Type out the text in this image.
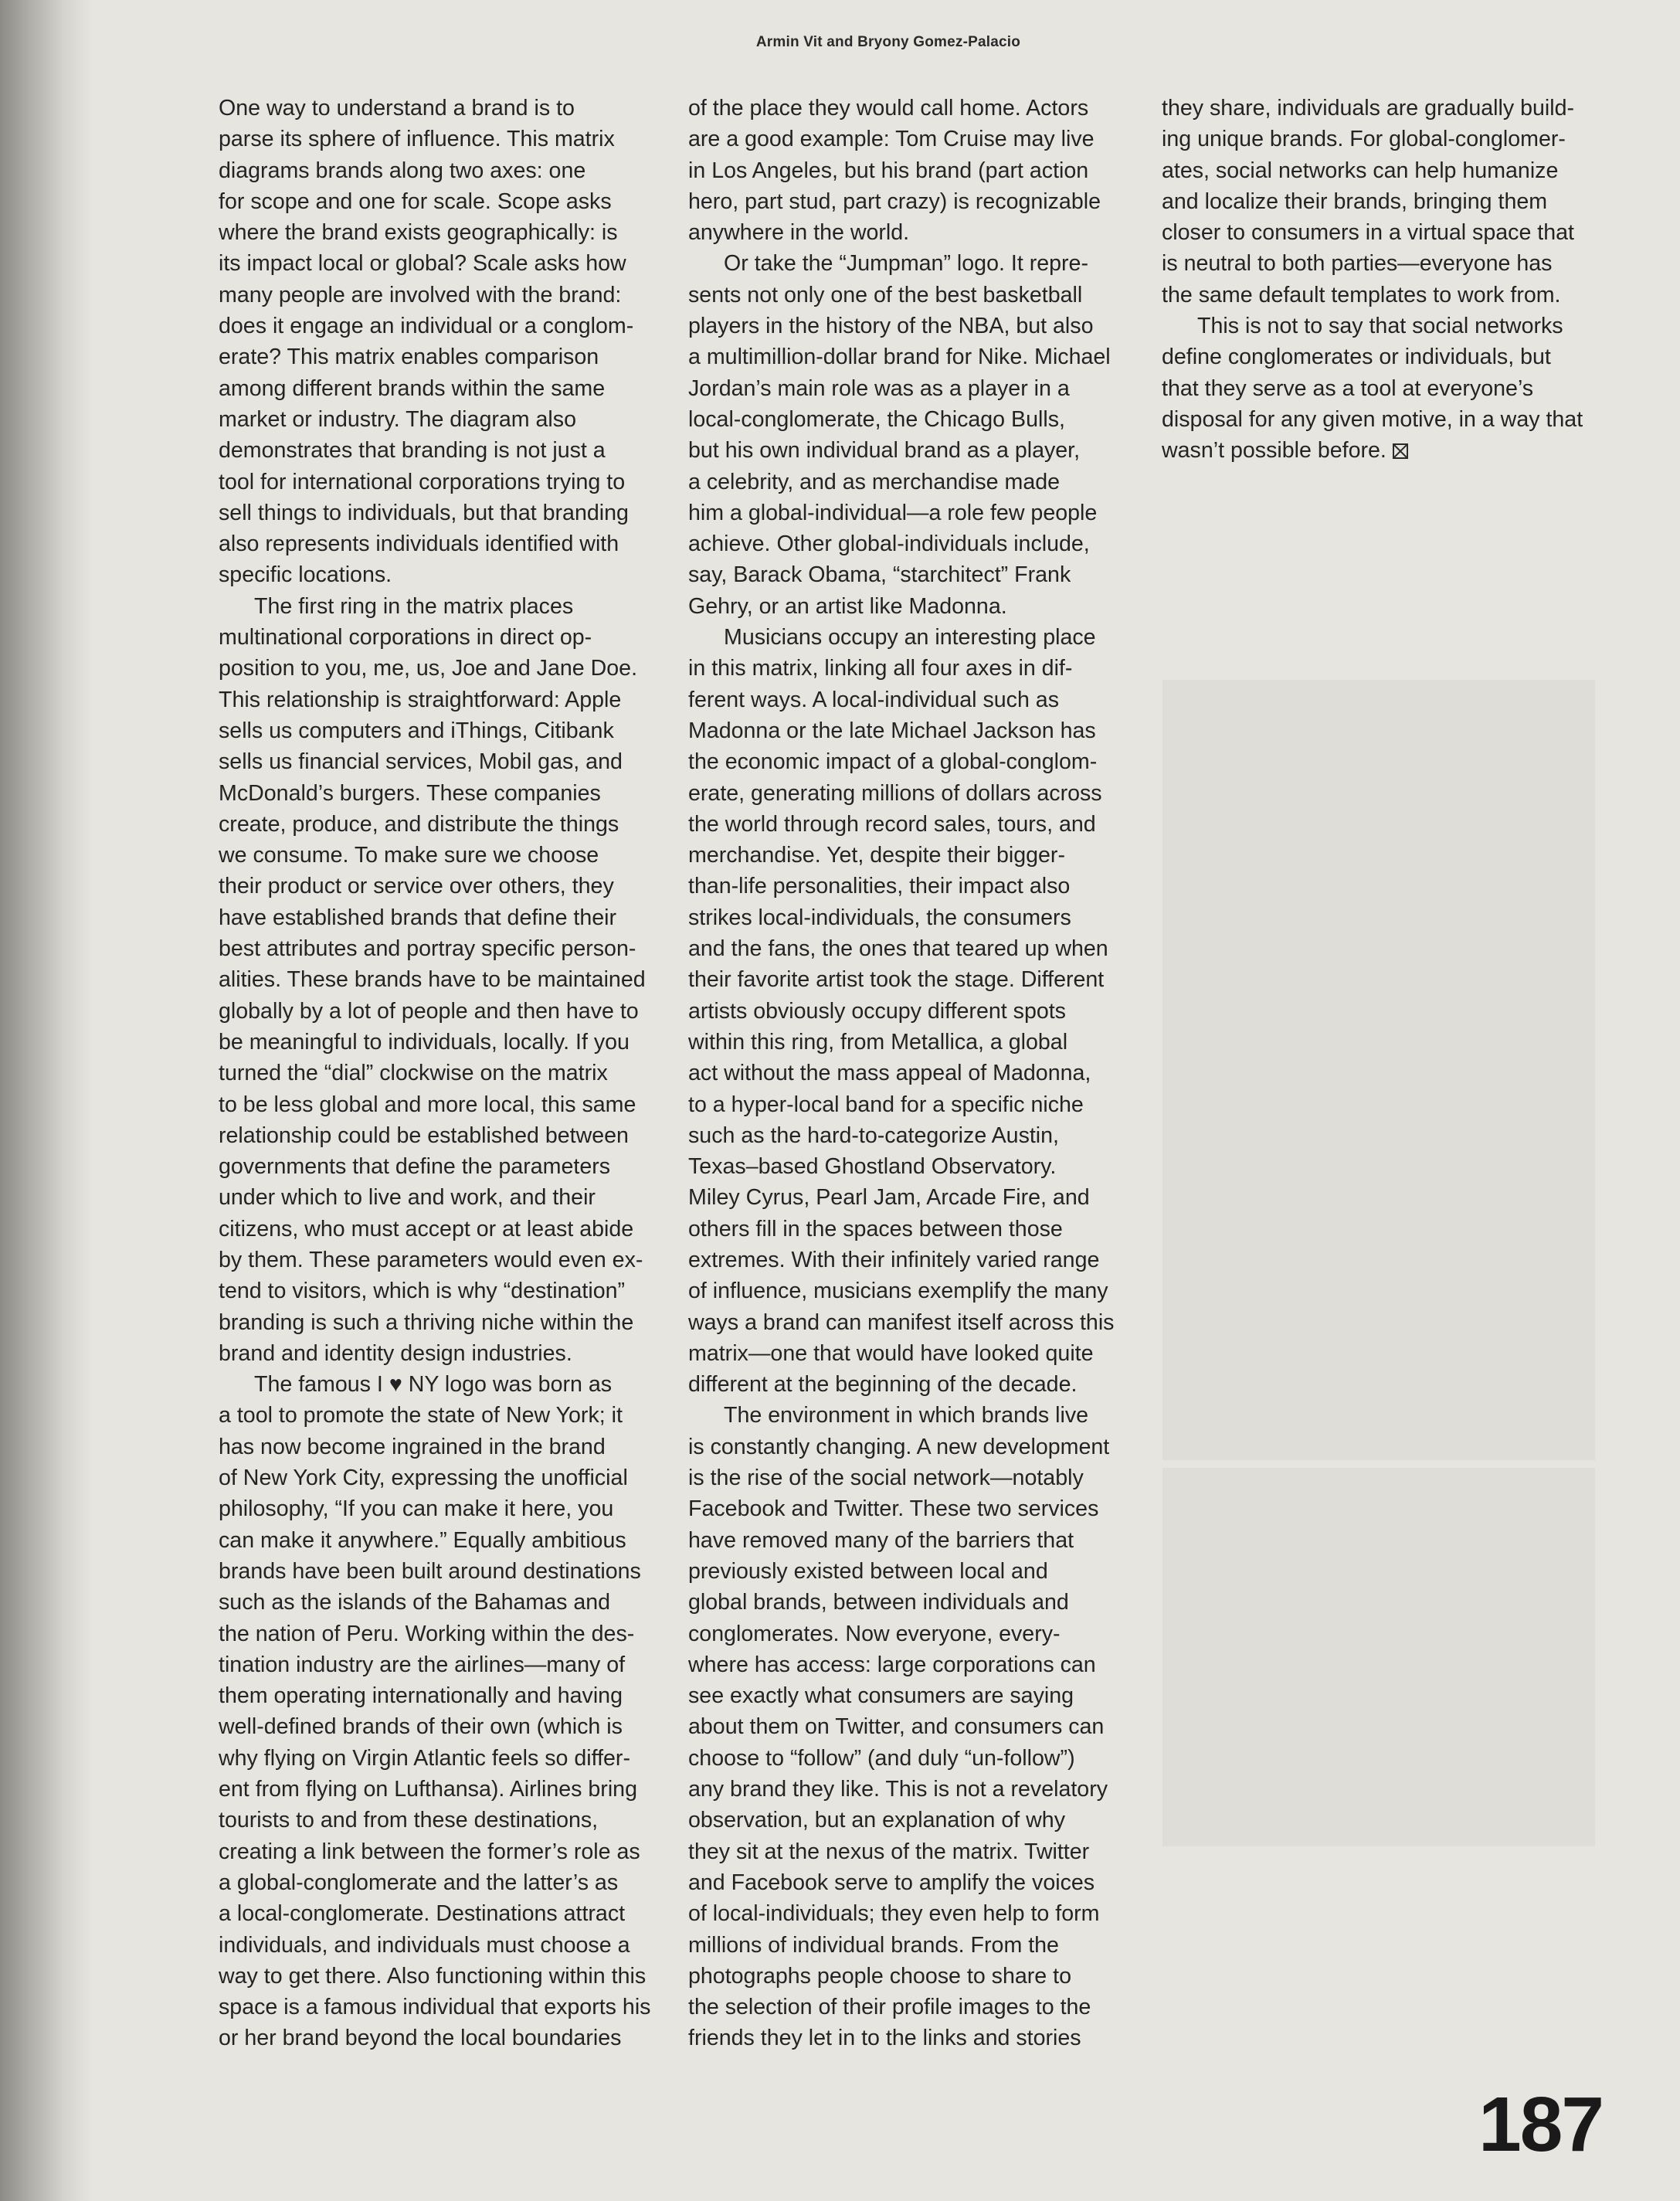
Armin Vit and Bryony Gomez-Palacio

One way to understand a brand is to
parse its sphere of influence. This matrix
diagrams brands along two axes: one
for scope and one for scale. Scope asks
where the brand exists geographically: is
its impact local or global? Scale asks how
many people are involved with the brand:
does it engage an individual or a conglom-
erate? This matrix enables comparison
among different brands within the same
market or industry. The diagram also
demonstrates that branding is not just a
tool for international corporations trying to
sell things to individuals, but that branding
also represents individuals identified with
specific locations.

The first ring in the matrix places
multinational corporations in direct op-
position to you, me, us, Joe and Jane Doe.
This relationship is straightforward: Apple
sells us computers and iThings, Citibank
sells us financial services, Mobil gas, and
McDonald’s burgers. These companies
create, produce, and distribute the things
we consume. To make sure we choose
their product or service over others, they
have established brands that define their
best attributes and portray specific person-
alities. These brands have to be maintained
globally by a lot of people and then have to
be meaningful to individuals, locally. If you
turned the “dial” clockwise on the matrix
to be less global and more local, this same
relationship could be established between
governments that define the parameters
under which to live and work, and their
citizens, who must accept or at least abide
by them. These parameters would even ex-
tend to visitors, which is why “destination”
branding is such a thriving niche within the
brand and identity design industries.

The famous I ♥ NY logo was born as
a tool to promote the state of New York; it
has now become ingrained in the brand
of New York City, expressing the unofficial
philosophy, “If you can make it here, you
can make it anywhere.” Equally ambitious
brands have been built around destinations
such as the islands of the Bahamas and
the nation of Peru. Working within the des-
tination industry are the airlines—many of
them operating internationally and having
well-defined brands of their own (which is
why flying on Virgin Atlantic feels so differ-
ent from flying on Lufthansa). Airlines bring
tourists to and from these destinations,
creating a link between the former’s role as
a global-conglomerate and the latter’s as
a local-conglomerate. Destinations attract
individuals, and individuals must choose a
way to get there. Also functioning within this
space is a famous individual that exports his
or her brand beyond the local boundaries

of the place they would call home. Actors
are a good example: Tom Cruise may live
in Los Angeles, but his brand (part action
hero, part stud, part crazy) is recognizable
anywhere in the world.

Or take the “Jumpman” logo. It repre-
sents not only one of the best basketball
players in the history of the NBA, but also
a multimillion-dollar brand for Nike. Michael
Jordan’s main role was as a player in a
local-conglomerate, the Chicago Bulls,
but his own individual brand as a player,
a celebrity, and as merchandise made
him a global-individual—a role few people
achieve. Other global-individuals include,
say, Barack Obama, “starchitect” Frank
Gehry, or an artist like Madonna.

Musicians occupy an interesting place
in this matrix, linking all four axes in dif-
ferent ways. A local-individual such as
Madonna or the late Michael Jackson has
the economic impact of a global-conglom-
erate, generating millions of dollars across
the world through record sales, tours, and
merchandise. Yet, despite their bigger-
than-life personalities, their impact also
strikes local-individuals, the consumers
and the fans, the ones that teared up when
their favorite artist took the stage. Different
artists obviously occupy different spots
within this ring, from Metallica, a global
act without the mass appeal of Madonna,
to a hyper-local band for a specific niche
such as the hard-to-categorize Austin,
Texas–based Ghostland Observatory.
Miley Cyrus, Pearl Jam, Arcade Fire, and
others fill in the spaces between those
extremes. With their infinitely varied range
of influence, musicians exemplify the many
ways a brand can manifest itself across this
matrix—one that would have looked quite
different at the beginning of the decade.

The environment in which brands live
is constantly changing. A new development
is the rise of the social network—notably
Facebook and Twitter. These two services
have removed many of the barriers that
previously existed between local and
global brands, between individuals and
conglomerates. Now everyone, every-
where has access: large corporations can
see exactly what consumers are saying
about them on Twitter, and consumers can
choose to “follow” (and duly “un-follow”)
any brand they like. This is not a revelatory
observation, but an explanation of why
they sit at the nexus of the matrix. Twitter
and Facebook serve to amplify the voices
of local-individuals; they even help to form
millions of individual brands. From the
photographs people choose to share to
the selection of their profile images to the
friends they let in to the links and stories

they share, individuals are gradually build-
ing unique brands. For global-conglomer-
ates, social networks can help humanize
and localize their brands, bringing them
closer to consumers in a virtual space that
is neutral to both parties—everyone has
the same default templates to work from.

This is not to say that social networks
define conglomerates or individuals, but
that they serve as a tool at everyone’s
disposal for any given motive, in a way that
wasn’t possible before.

187
